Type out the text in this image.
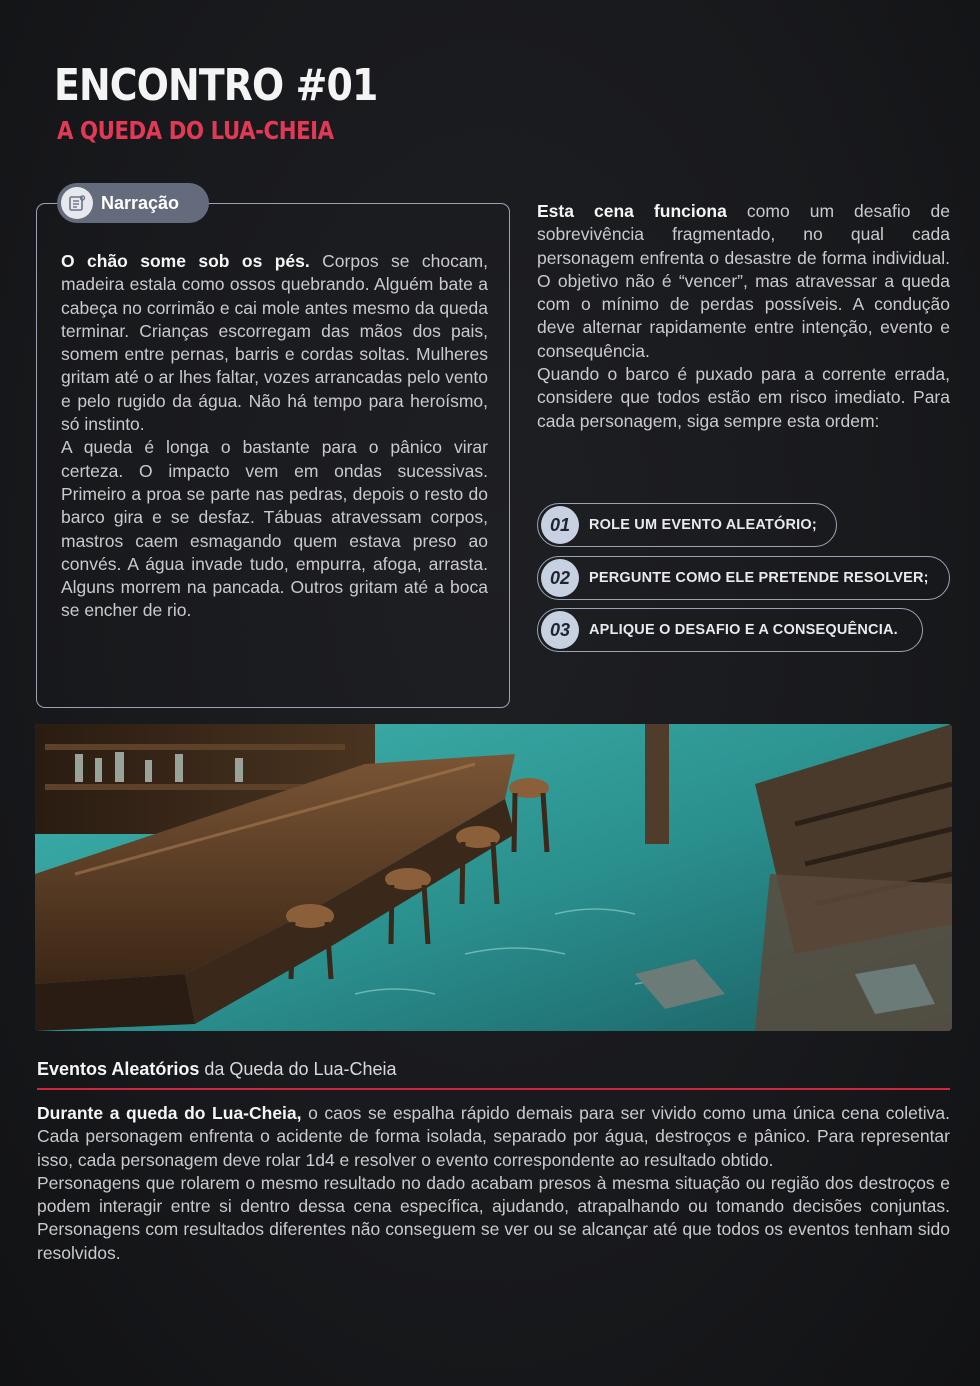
ENCONTRO #01
A QUEDA DO LUA-CHEIA
Narração

O chão some sob os pés. Corpos se chocam, madeira estala como ossos quebrando. Alguém bate a cabeça no corrimão e cai mole antes mesmo da queda terminar. Crianças escorregam das mãos dos pais, somem entre pernas, barris e cordas soltas. Mulheres gritam até o ar lhes faltar, vozes arrancadas pelo vento e pelo rugido da água. Não há tempo para heroísmo, só instinto.

A queda é longa o bastante para o pânico virar certeza. O impacto vem em ondas sucessivas. Primeiro a proa se parte nas pedras, depois o resto do barco gira e se desfaz. Tábuas atravessam corpos, mastros caem esmagando quem estava preso ao convés. A água invade tudo, empurra, afoga, arrasta. Alguns morrem na pancada. Outros gritam até a boca se encher de rio.

Esta cena funciona como um desafio de sobrevivência fragmentado, no qual cada personagem enfrenta o desastre de forma individual. O objetivo não é “vencer”, mas atravessar a queda com o mínimo de perdas possíveis. A condução deve alternar rapidamente entre intenção, evento e consequência.

Quando o barco é puxado para a corrente errada, considere que todos estão em risco imediato. Para cada personagem, siga sempre esta ordem:

01	ROLE UM EVENTO ALEATÓRIO;
02	PERGUNTE COMO ELE PRETENDE RESOLVER;
03	APLIQUE O DESAFIO E A CONSEQUÊNCIA.
Eventos Aleatórios da Queda do Lua-Cheia

Durante a queda do Lua-Cheia, o caos se espalha rápido demais para ser vivido como uma única cena coletiva. Cada personagem enfrenta o acidente de forma isolada, separado por água, destroços e pânico. Para representar isso, cada personagem deve rolar 1d4 e resolver o evento correspondente ao resultado obtido.

Personagens que rolarem o mesmo resultado no dado acabam presos à mesma situação ou região dos destroços e podem interagir entre si dentro dessa cena específica, ajudando, atrapalhando ou tomando decisões conjuntas. Personagens com resultados diferentes não conseguem se ver ou se alcançar até que todos os eventos tenham sido resolvidos.
